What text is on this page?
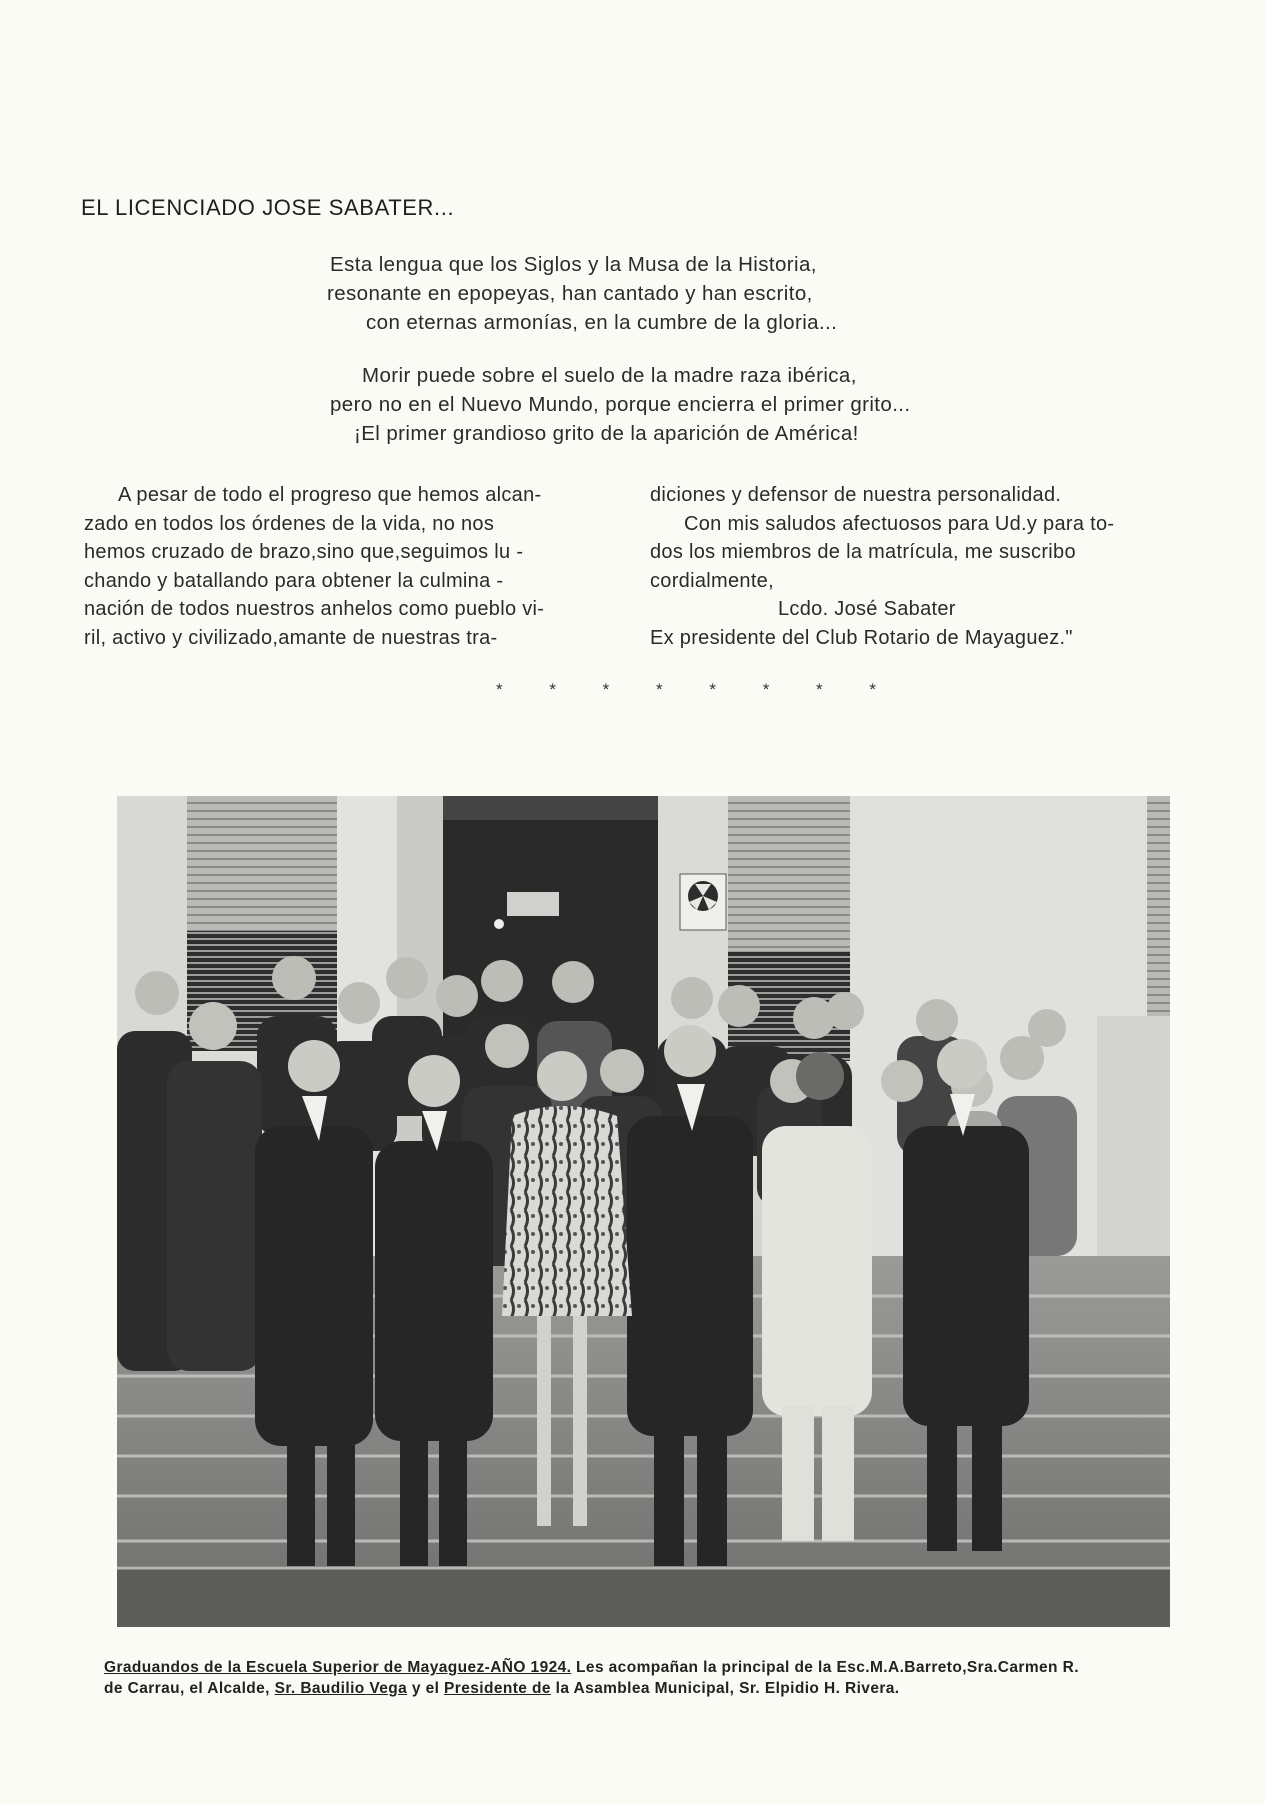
EL LICENCIADO JOSE SABATER...
Esta lengua que los Siglos y la Musa de la Historia,
resonante en epopeyas, han cantado y han escrito,
con eternas armonías, en la cumbre de la gloria...
Morir puede sobre el suelo de la madre raza ibérica,
pero no en el Nuevo Mundo, porque encierra el primer grito...
¡El primer grandioso grito de la aparición de América!
A pesar de todo el progreso que hemos alcan-
zado en todos los órdenes de la vida, no nos
hemos cruzado de brazo,sino que,seguimos lu -
chando y batallando para obtener la culmina -
nación de todos nuestros anhelos como pueblo vi-
ril, activo y civilizado,amante de nuestras tra-
diciones y defensor de nuestra personalidad.
Con mis saludos afectuosos para Ud.y para to-
dos los miembros de la matrícula, me suscribo
cordialmente,
Lcdo. José Sabater
Ex presidente del Club Rotario de Mayaguez."
* * * * * * * *
Graduandos de la Escuela Superior de Mayaguez-AÑO 1924. Les acompañan la principal de la Esc.M.A.Barreto,Sra.Carmen R.
de Carrau, el Alcalde, Sr. Baudilio Vega y el Presidente de la Asamblea Municipal, Sr. Elpidio H. Rivera.
